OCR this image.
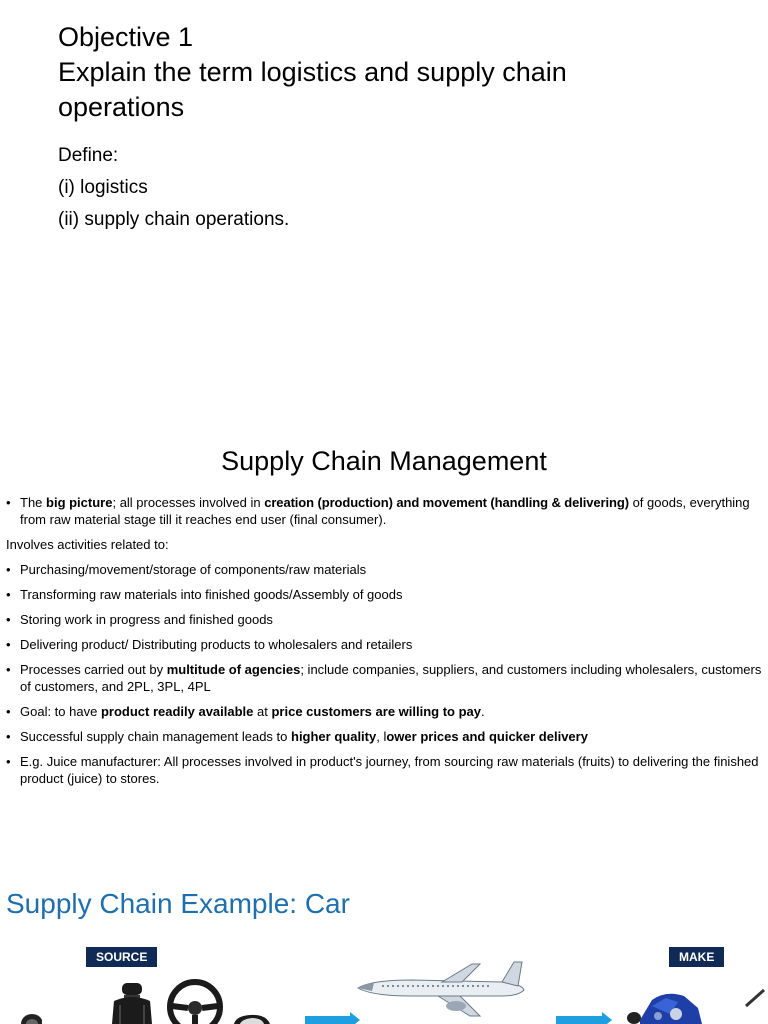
Objective 1
Explain the term logistics and supply chain
operations
Define:
(i) logistics
(ii) supply chain operations.
Supply Chain Management
• The big picture; all processes involved in creation (production) and movement (handling & delivering) of goods, everything from raw material stage till it reaches end user (final consumer).
Involves activities related to:
• Purchasing/movement/storage of components/raw materials
• Transforming raw materials into finished goods/Assembly of goods
• Storing work in progress and finished goods
• Delivering product/ Distributing products to wholesalers and retailers
• Processes carried out by multitude of agencies; include companies, suppliers, and customers including wholesalers, customers of customers, and 2PL, 3PL, 4PL
• Goal: to have product readily available at price customers are willing to pay.
• Successful supply chain management leads to higher quality, lower prices and quicker delivery
• E.g. Juice manufacturer: All processes involved in product's journey, from sourcing raw materials (fruits) to delivering the finished product (juice) to stores.
Supply Chain Example: Car
SOURCE	MAKE
